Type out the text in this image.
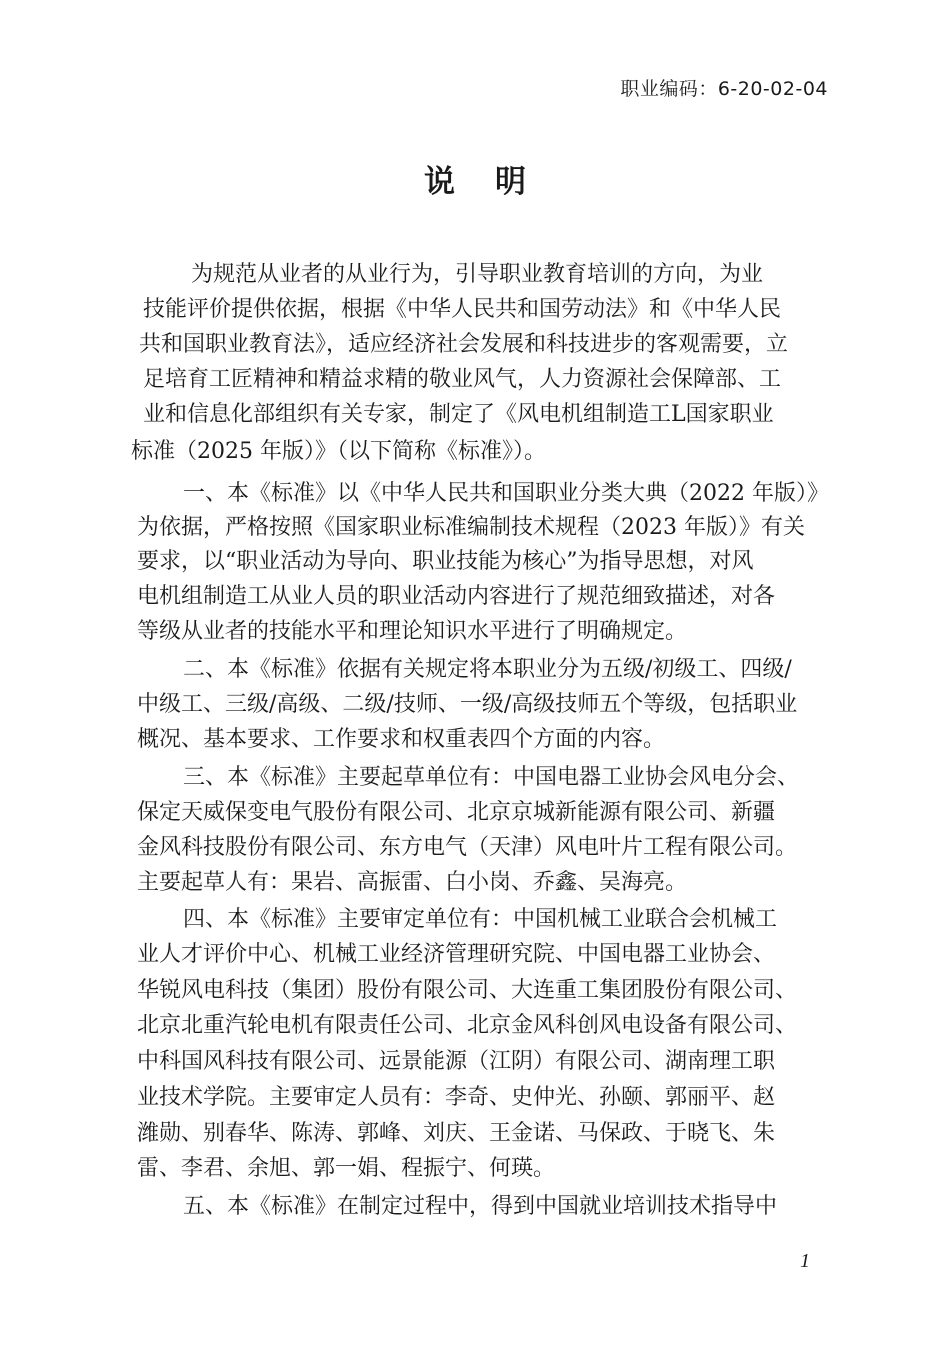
职业编码：6-20-02-04
说明
为规范从业者的从业行为，引导职业教育培训的方向，为业
技能评价提供依据，根据《中华人民共和国劳动法》和《中华人民
共和国职业教育法》，适应经济社会发展和科技进步的客观需要，立
足培育工匠精神和精益求精的敬业风气，人力资源社会保障部、工
业和信息化部组织有关专家，制定了《风电机组制造工L国家职业
标准（2025 年版）》（以下简称《标准》）。
一、本《标准》以《中华人民共和国职业分类大典（2022 年版）》
为依据，严格按照《国家职业标准编制技术规程（2023 年版）》有关
要求，以“职业活动为导向、职业技能为核心”为指导思想，对风
电机组制造工从业人员的职业活动内容进行了规范细致描述，对各
等级从业者的技能水平和理论知识水平进行了明确规定。
二、本《标准》依据有关规定将本职业分为五级/初级工、四级/
中级工、三级/高级、二级/技师、一级/高级技师五个等级，包括职业
概况、基本要求、工作要求和权重表四个方面的内容。
三、本《标准》主要起草单位有：中国电器工业协会风电分会、
保定天威保变电气股份有限公司、北京京城新能源有限公司、新疆
金风科技股份有限公司、东方电气（天津）风电叶片工程有限公司。
主要起草人有：果岩、高振雷、白小岗、乔鑫、吴海亮。
四、本《标准》主要审定单位有：中国机械工业联合会机械工
业人才评价中心、机械工业经济管理研究院、中国电器工业协会、
华锐风电科技（集团）股份有限公司、大连重工集团股份有限公司、
北京北重汽轮电机有限责任公司、北京金风科创风电设备有限公司、
中科国风科技有限公司、远景能源（江阴）有限公司、湖南理工职
业技术学院。主要审定人员有：李奇、史仲光、孙颐、郭丽平、赵
潍勋、别春华、陈涛、郭峰、刘庆、王金诺、马保政、于晓飞、朱
雷、李君、余旭、郭一娟、程振宁、何瑛。
五、本《标准》在制定过程中，得到中国就业培训技术指导中
1
